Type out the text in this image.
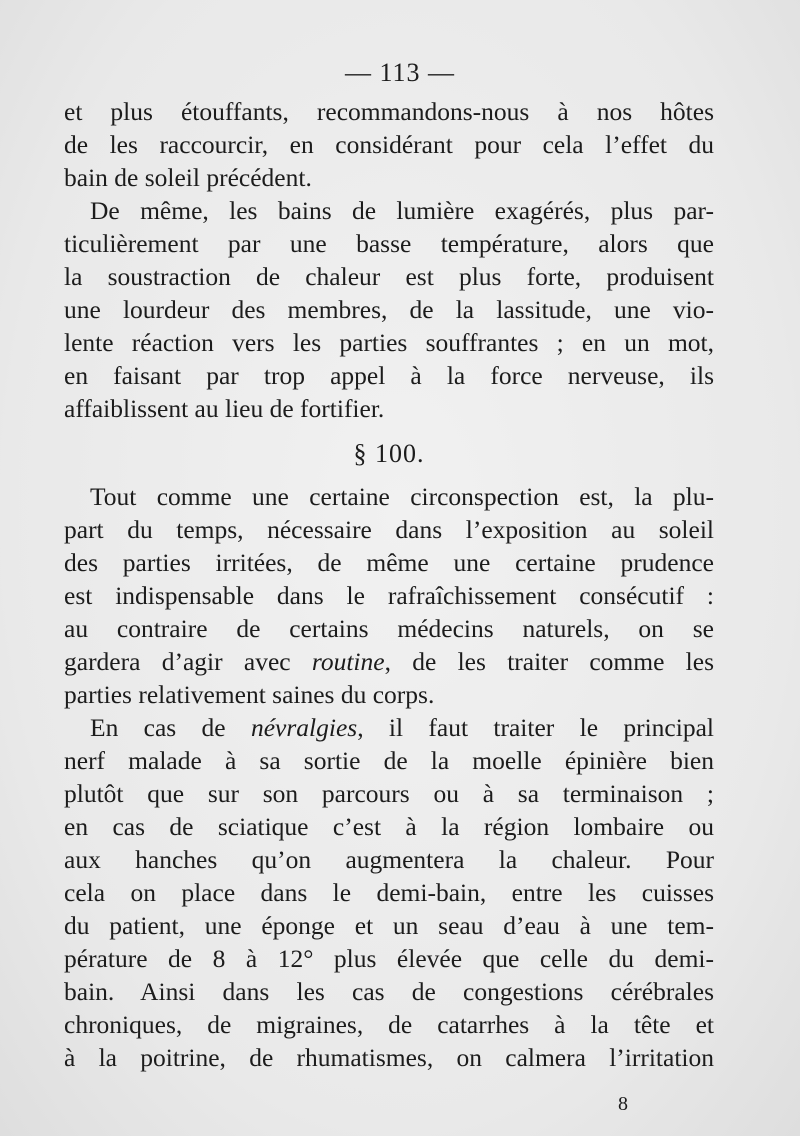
— 113 —
et plus étouffants, recommandons-nous à nos hôtes
de les raccourcir, en considérant pour cela l’effet du
bain de soleil précédent.
De même, les bains de lumière exagérés, plus par-
ticulièrement par une basse température, alors que
la soustraction de chaleur est plus forte, produisent
une lourdeur des membres, de la lassitude, une vio-
lente réaction vers les parties souffrantes ; en un mot,
en faisant par trop appel à la force nerveuse, ils
affaiblissent au lieu de fortifier.
§ 100.
Tout comme une certaine circonspection est, la plu-
part du temps, nécessaire dans l’exposition au soleil
des parties irritées, de même une certaine prudence
est indispensable dans le rafraîchissement consécutif :
au contraire de certains médecins naturels, on se
gardera d’agir avec routine, de les traiter comme les
parties relativement saines du corps.
En cas de névralgies, il faut traiter le principal
nerf malade à sa sortie de la moelle épinière bien
plutôt que sur son parcours ou à sa terminaison ;
en cas de sciatique c’est à la région lombaire ou
aux hanches qu’on augmentera la chaleur. Pour
cela on place dans le demi-bain, entre les cuisses
du patient, une éponge et un seau d’eau à une tem-
pérature de 8 à 12° plus élevée que celle du demi-
bain. Ainsi dans les cas de congestions cérébrales
chroniques, de migraines, de catarrhes à la tête et
à la poitrine, de rhumatismes, on calmera l’irritation
8
